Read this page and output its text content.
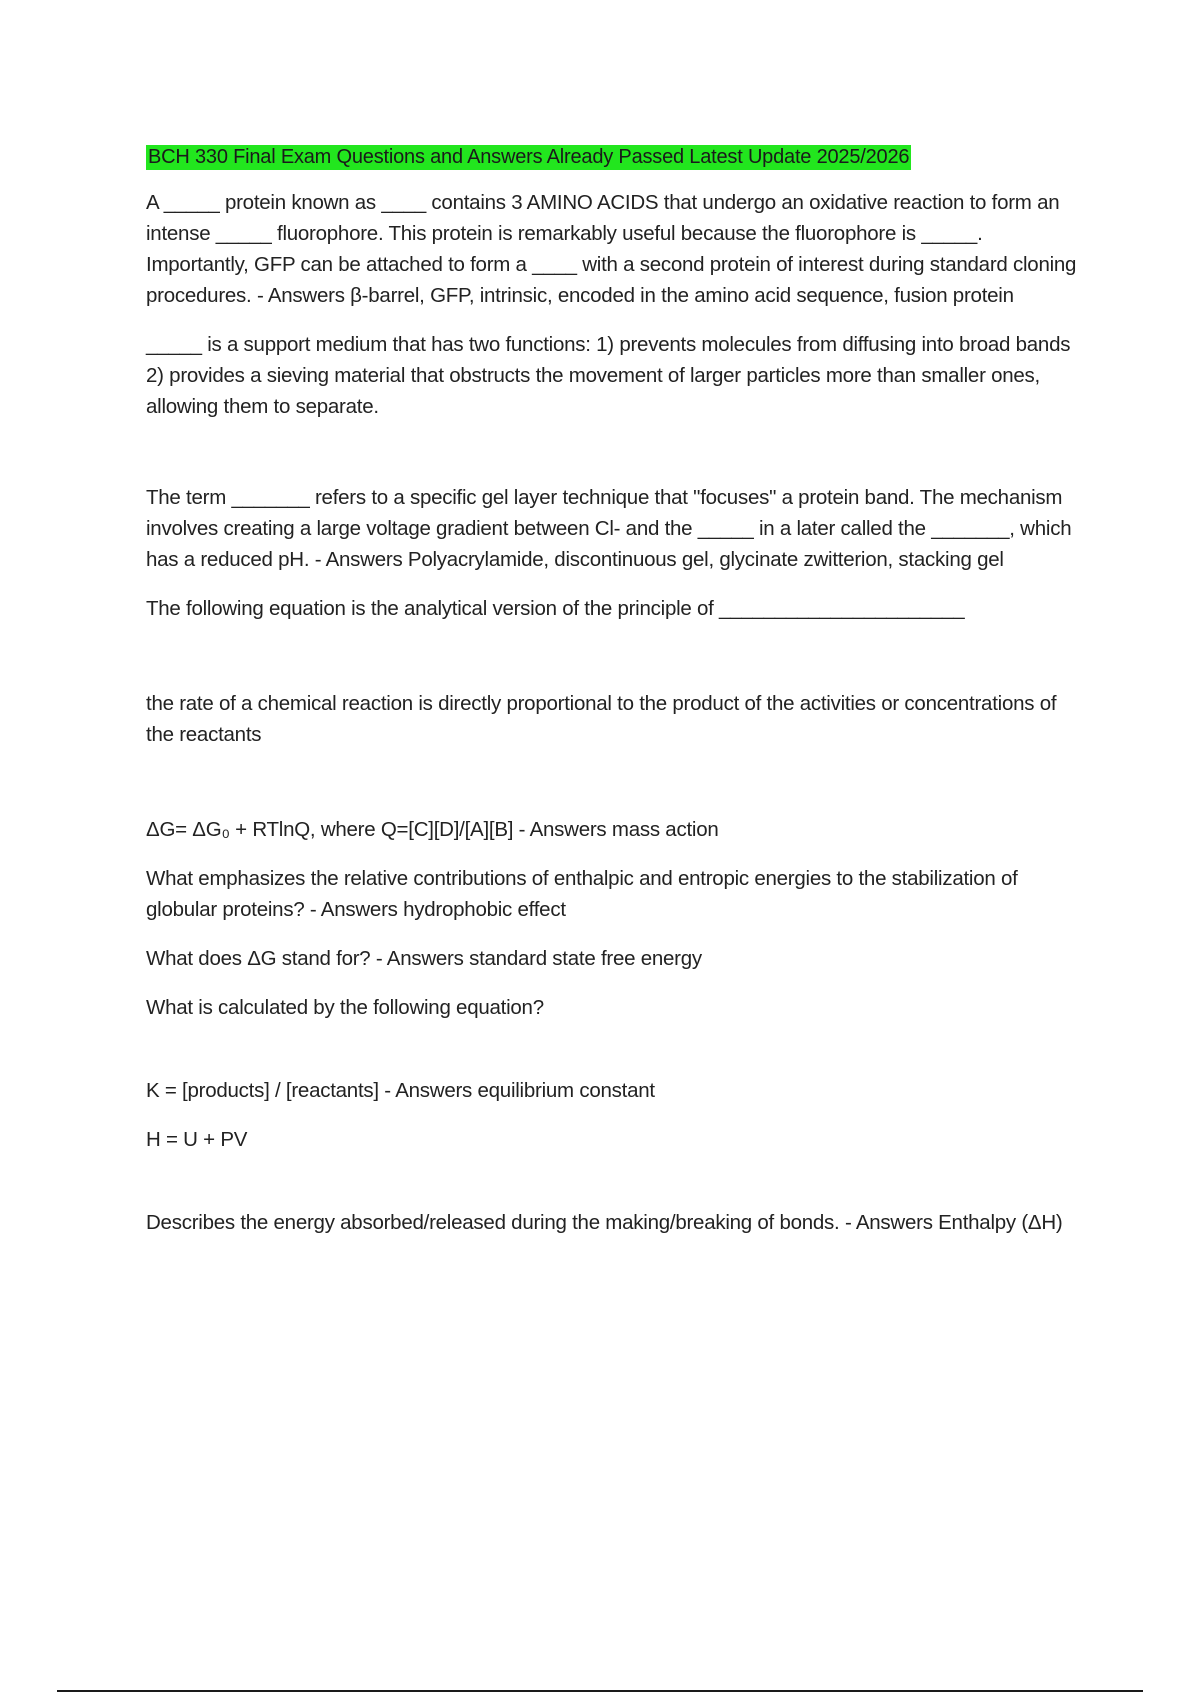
BCH 330 Final Exam Questions and Answers Already Passed Latest Update 2025/2026

A _____ protein known as ____ contains 3 AMINO ACIDS that undergo an oxidative reaction to form an intense _____ fluorophore. This protein is remarkably useful because the fluorophore is _____. Importantly, GFP can be attached to form a ____ with a second protein of interest during standard cloning procedures. - Answers β-barrel, GFP, intrinsic, encoded in the amino acid sequence, fusion protein

_____ is a support medium that has two functions: 1) prevents molecules from diffusing into broad bands 2) provides a sieving material that obstructs the movement of larger particles more than smaller ones, allowing them to separate.

The term _______ refers to a specific gel layer technique that "focuses" a protein band. The mechanism involves creating a large voltage gradient between Cl- and the _____ in a later called the _______, which has a reduced pH. - Answers Polyacrylamide, discontinuous gel, glycinate zwitterion, stacking gel

The following equation is the analytical version of the principle of ______________________

the rate of a chemical reaction is directly proportional to the product of the activities or concentrations of the reactants

ΔG= ΔG₀ + RTlnQ, where Q=[C][D]/[A][B] - Answers mass action

What emphasizes the relative contributions of enthalpic and entropic energies to the stabilization of globular proteins? - Answers hydrophobic effect

What does ΔG stand for? - Answers standard state free energy

What is calculated by the following equation?

K = [products] / [reactants] - Answers equilibrium constant

H = U + PV

Describes the energy absorbed/released during the making/breaking of bonds. - Answers Enthalpy (ΔH)
